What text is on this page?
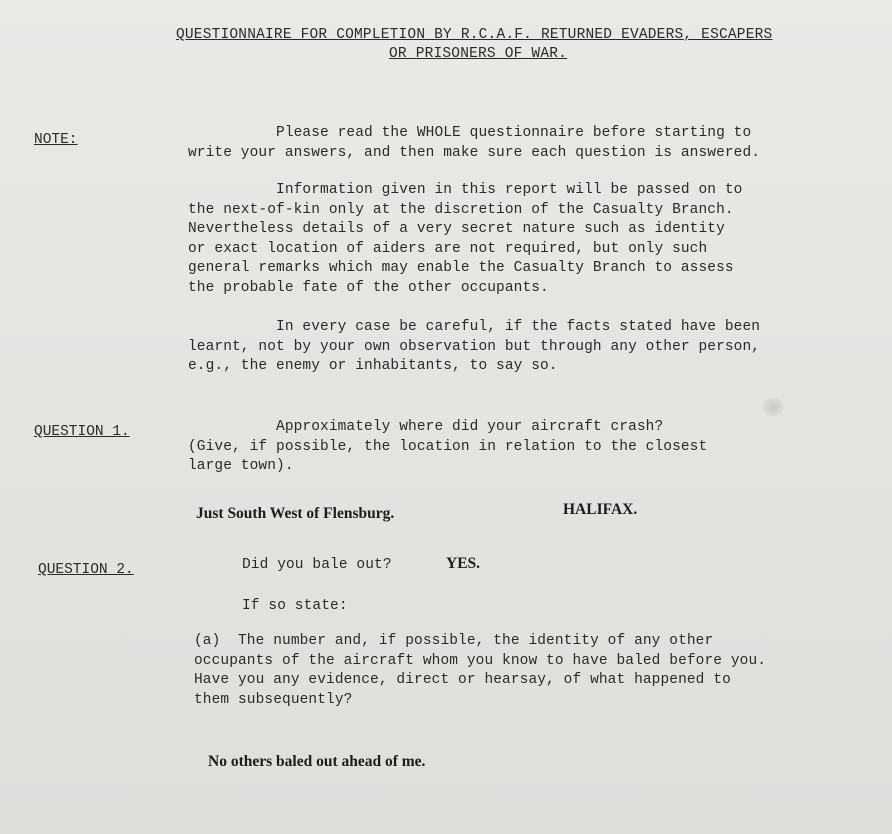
QUESTIONNAIRE FOR COMPLETION BY R.C.A.F. RETURNED EVADERS, ESCAPERS
OR PRISONERS OF WAR.
NOTE:	Please read the WHOLE questionnaire before starting to
write your answers, and then make sure each question is answered.
Information given in this report will be passed on to
the next-of-kin only at the discretion of the Casualty Branch.
Nevertheless details of a very secret nature such as identity
or exact location of aiders are not required, but only such
general remarks which may enable the Casualty Branch to assess
the probable fate of the other occupants.
In every case be careful, if the facts stated have been
learnt, not by your own observation but through any other person,
e.g., the enemy or inhabitants, to say so.
QUESTION 1.	Approximately where did your aircraft crash?
(Give, if possible, the location in relation to the closest
large town).
Just South West of Flensburg.	HALIFAX.
QUESTION 2.	Did you bale out?	YES.
If so state:
(a)  The number and, if possible, the identity of any other
occupants of the aircraft whom you know to have baled before you.
Have you any evidence, direct or hearsay, of what happened to
them subsequently?
No others baled out ahead of me.
